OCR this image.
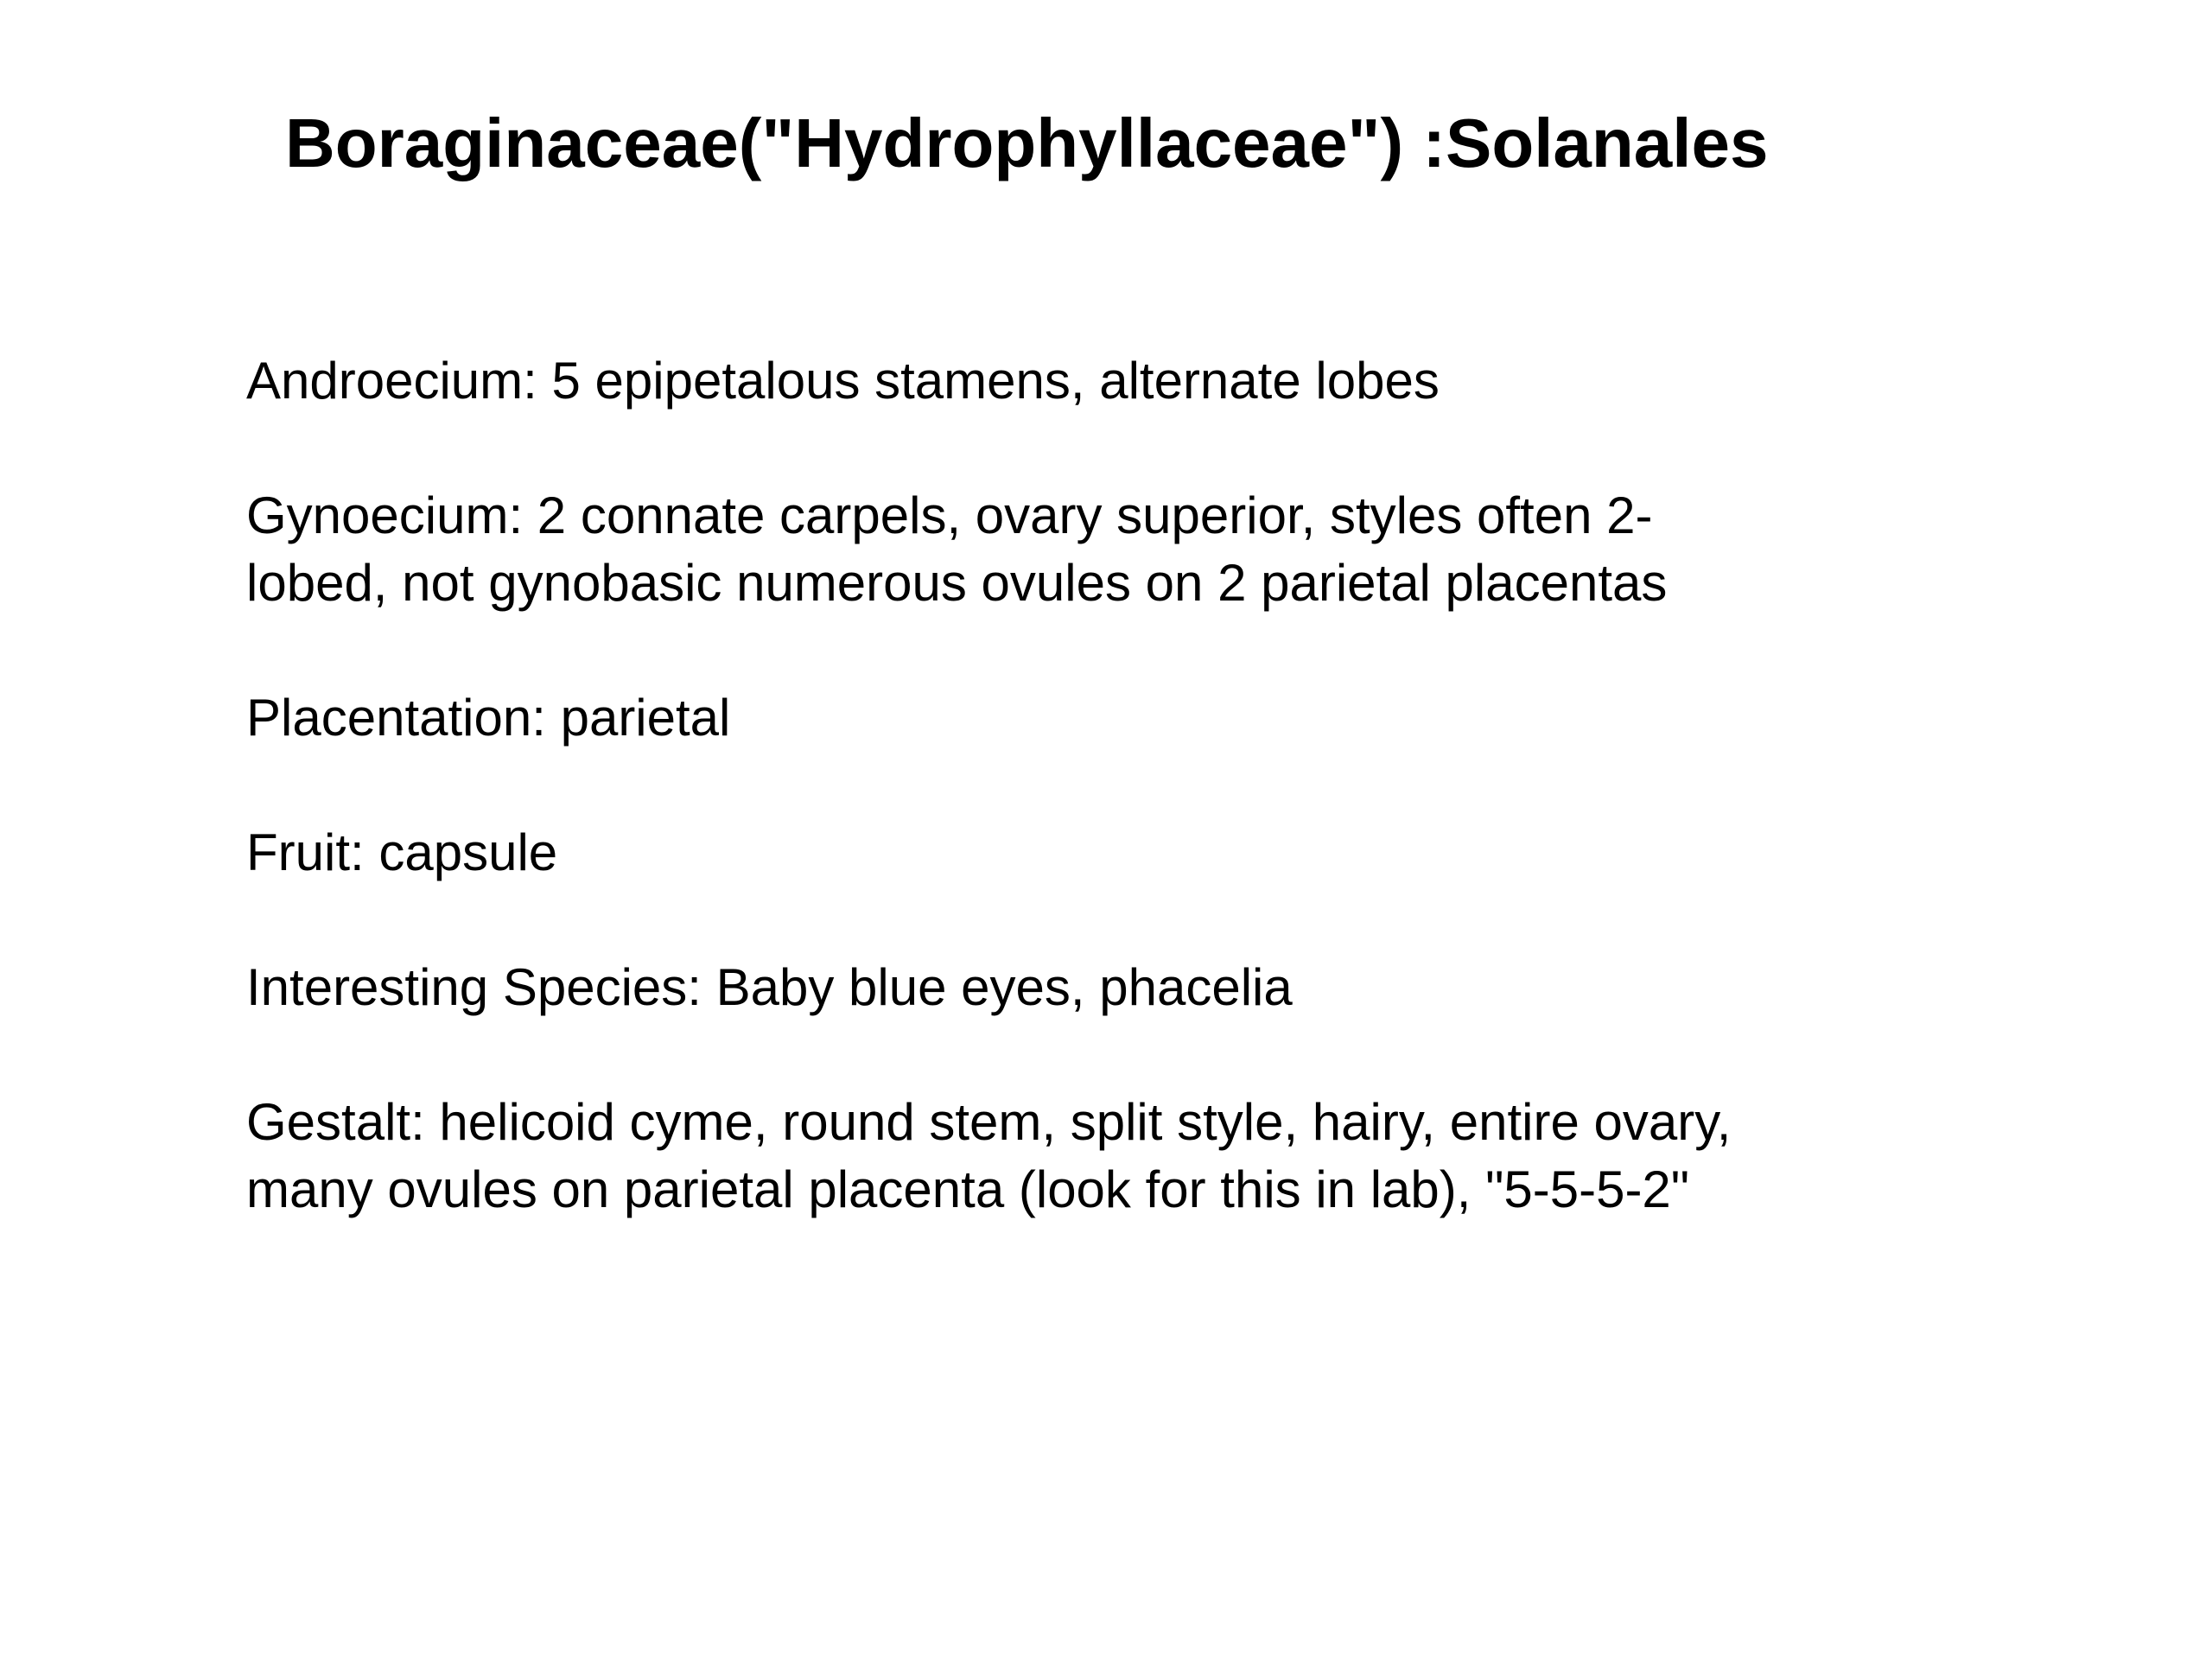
Boraginaceae("Hydrophyllaceae") :Solanales
Androecium: 5 epipetalous stamens, alternate lobes
Gynoecium: 2 connate carpels, ovary superior, styles often 2-
lobed, not gynobasic numerous ovules on 2 parietal placentas
Placentation: parietal
Fruit: capsule
Interesting Species: Baby blue eyes, phacelia
Gestalt: helicoid cyme, round stem, split style, hairy, entire ovary,
many ovules on parietal placenta (look for this in lab), "5-5-5-2"
